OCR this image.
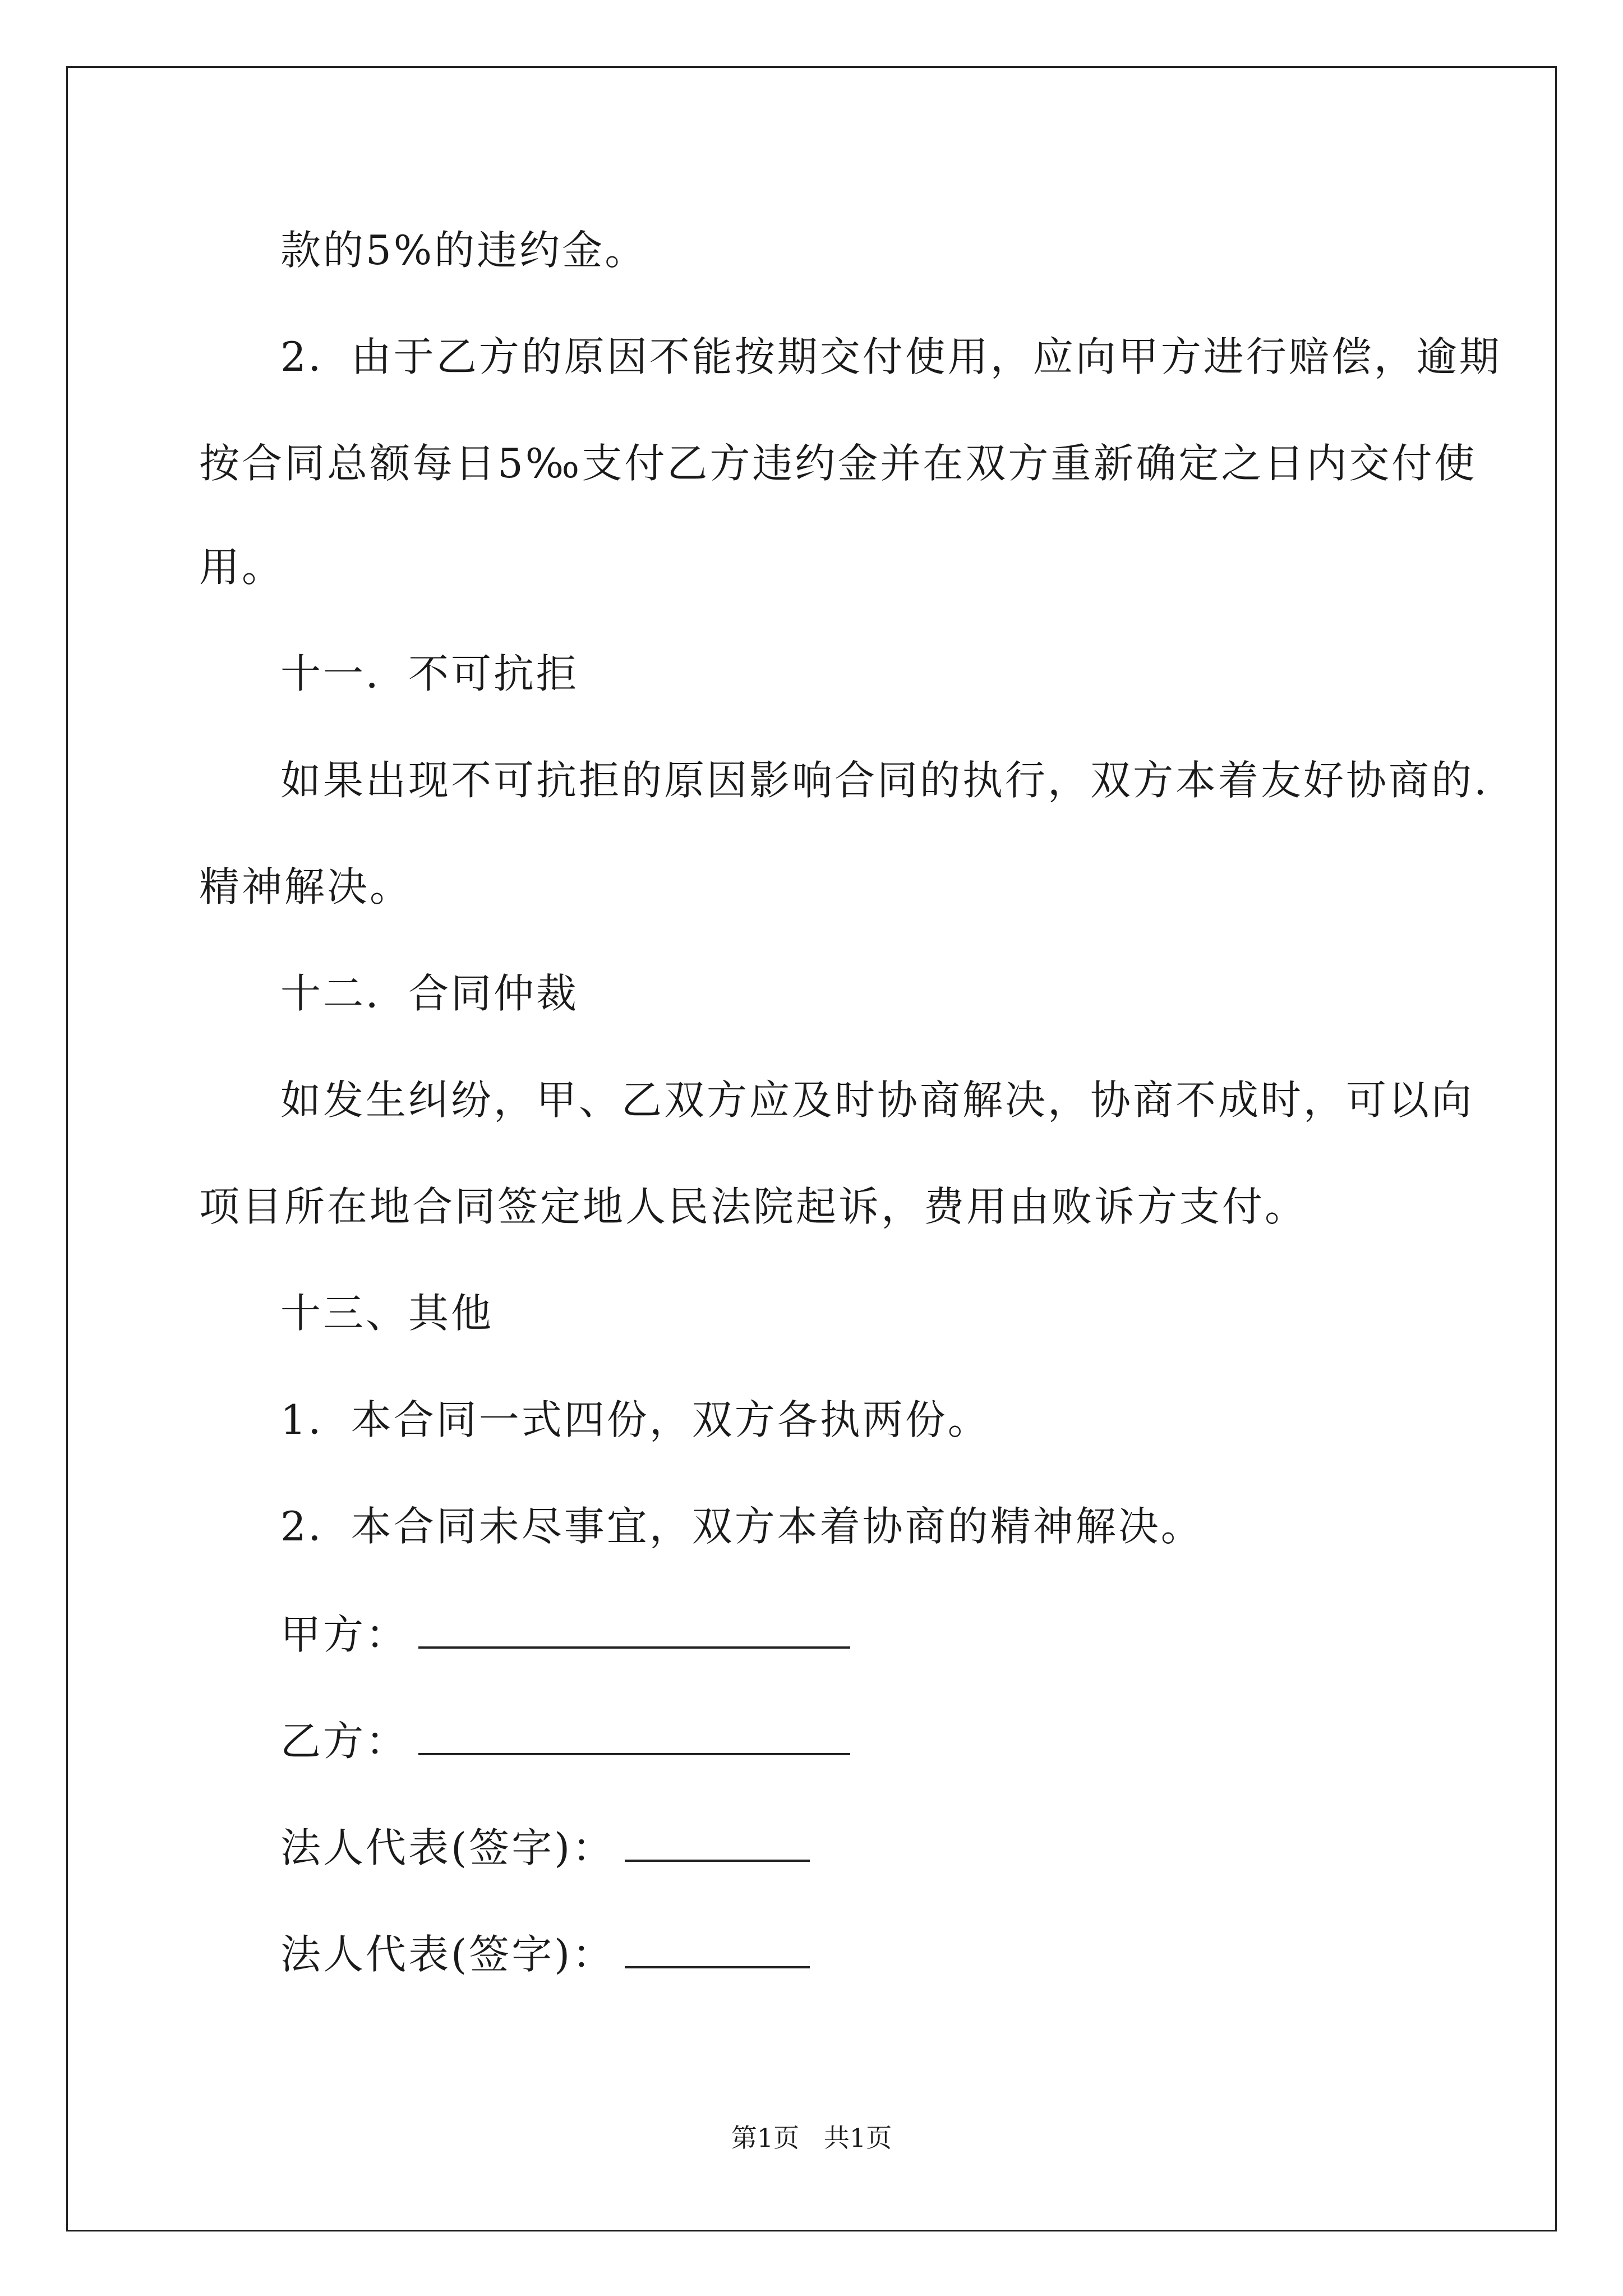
款的5%的违约金。
2．由于乙方的原因不能按期交付使用，应向甲方进行赔偿，逾期
按合同总额每日5‰支付乙方违约金并在双方重新确定之日内交付使
用。
十一．不可抗拒
如果出现不可抗拒的原因影响合同的执行，双方本着友好协商的.
精神解决。
十二．合同仲裁
如发生纠纷，甲、乙双方应及时协商解决，协商不成时，可以向
项目所在地合同签定地人民法院起诉，费用由败诉方支付。
十三、其他
1．本合同一式四份，双方各执两份。
2．本合同未尽事宜，双方本着协商的精神解决。
甲方：
乙方：
法人代表(签字)：
法人代表(签字)：
第1页   共1页
